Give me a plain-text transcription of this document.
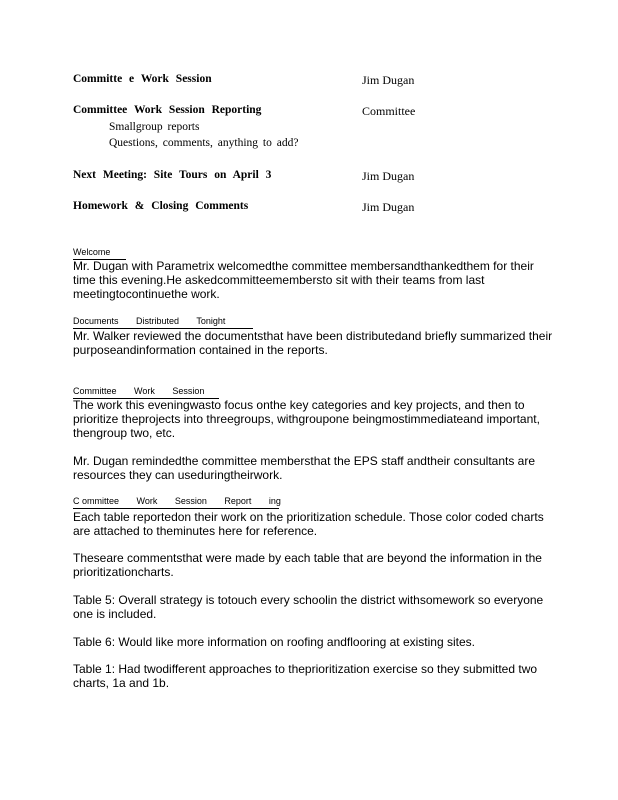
Committe e Work Session	Jim Dugan
Committee Work Session Reporting	Committee
Smallgroup reports
Questions, comments, anything to add?
Next Meeting: Site Tours on April 3	Jim Dugan
Homework & Closing Comments	Jim Dugan
Welcome

Mr. Dugan with Parametrix welcomedthe committee membersandthankedthem for their time this evening.He askedcommitteemembersto sit with their teams from last meetingtocontinuethe work.

Documents       Distributed       Tonight

Mr. Walker reviewed the documentsthat have been distributedand briefly summarized their purposeandinformation contained in the reports.

Committee       Work       Session

The work this eveningwasto focus onthe key categories and key projects, and then to prioritize theprojects into threegroups, withgroupone beingmostimmediateand important, thengroup two, etc.

Mr. Dugan remindedthe committee membersthat the EPS staff andtheir consultants are resources they can useduringtheirwork.

C ommittee       Work       Session       Report       ing

Each table reportedon their work on the prioritization schedule. Those color coded charts are attached to theminutes here for reference.

Theseare commentsthat were made by each table that are beyond the information in the prioritizationcharts.

Table 5: Overall strategy is totouch every schoolin the district withsomework so everyone one is included.

Table 6: Would like more information on roofing andflooring at existing sites.

Table 1: Had twodifferent approaches to theprioritization exercise so they submitted two charts, 1a and 1b.
